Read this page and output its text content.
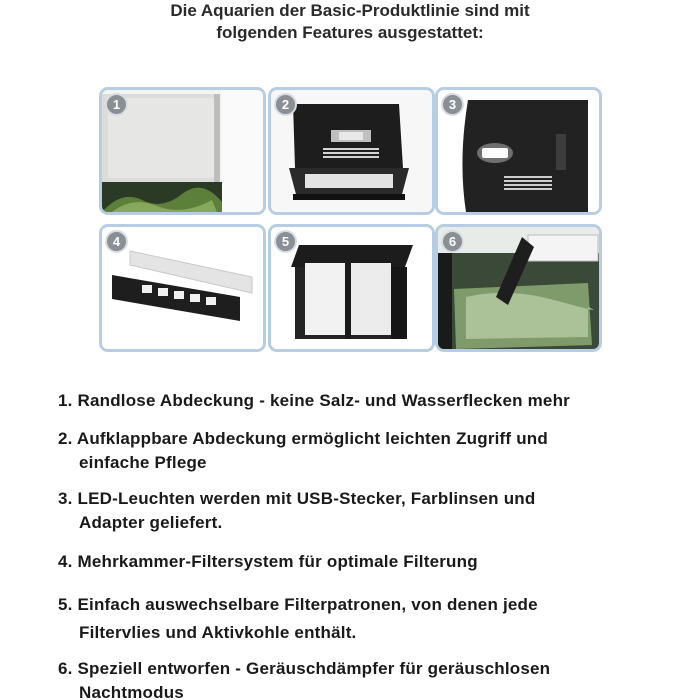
Die Aquarien der Basic-Produktlinie sind mit
folgenden Features ausgestattet:
1	2	3
4	5	6
1. Randlose Abdeckung - keine Salz- und Wasserflecken mehr
2. Aufklappbare Abdeckung ermöglicht leichten Zugriff und
einfache Pflege
3. LED-Leuchten werden mit USB-Stecker, Farblinsen und
Adapter geliefert.
4. Mehrkammer-Filtersystem für optimale Filterung
5. Einfach auswechselbare Filterpatronen, von denen jede
Filtervlies und Aktivkohle enthält.
6. Speziell entworfen - Geräuschdämpfer für geräuschlosen
Nachtmodus
